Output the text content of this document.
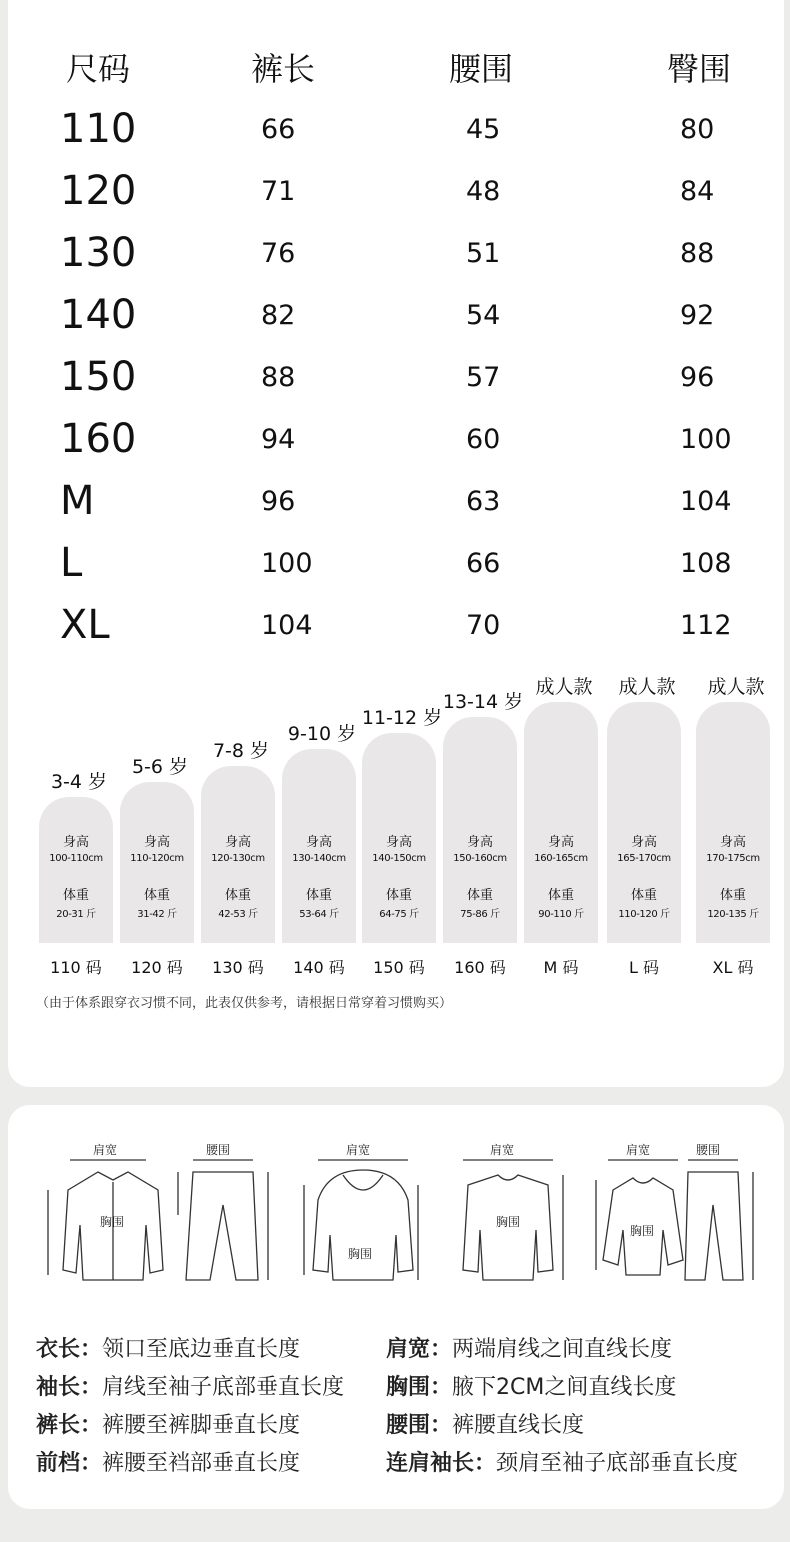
尺码	裤长	腰围	臀围
110	66	45	80
120	71	48	84
130	76	51	88
140	82	54	92
150	88	57	96
160	94	60	100
M	96	63	104
L	100	66	108
XL	104	70	112
3-4 岁
身高
100-110cm
体重
20-31 斤
110 码
5-6 岁
身高
110-120cm
体重
31-42 斤
120 码
7-8 岁
身高
120-130cm
体重
42-53 斤
130 码
9-10 岁
身高
130-140cm
体重
53-64 斤
140 码
11-12 岁
身高
140-150cm
体重
64-75 斤
150 码
13-14 岁
身高
150-160cm
体重
75-86 斤
160 码
成人款
身高
160-165cm
体重
90-110 斤
M 码
成人款
身高
165-170cm
体重
110-120 斤
L 码
成人款
身高
170-175cm
体重
120-135 斤
XL 码
（由于体系跟穿衣习惯不同，此表仅供参考，请根据日常穿着习惯购买）
肩宽	腰围	肩宽	肩宽	肩宽	腰围
胸围
胸围
胸围
胸围
衣长：领口至底边垂直长度	肩宽：两端肩线之间直线长度
袖长：肩线至袖子底部垂直长度 胸围：腋下2CM之间直线长度
裤长：裤腰至裤脚垂直长度	腰围：裤腰直线长度
前档：裤腰至裆部垂直长度	连肩袖长：颈肩至袖子底部垂直长度
